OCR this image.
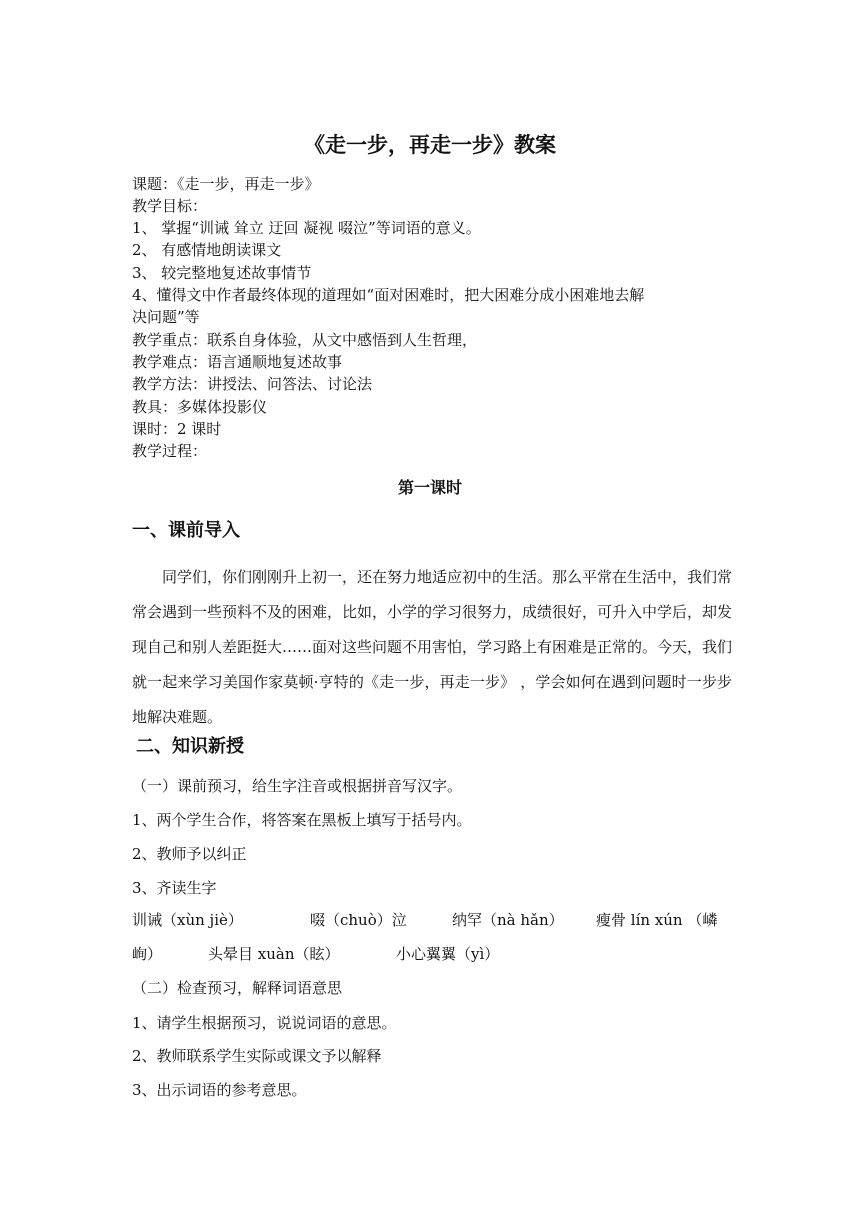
《走一步，再走一步》教案
课题：《走一步，再走一步》
教学目标：
1、 掌握“训诫 耸立 迂回 凝视 啜泣”等词语的意义。
2、 有感情地朗读课文
3、 较完整地复述故事情节
4、懂得文中作者最终体现的道理如“面对困难时，把大困难分成小困难地去解
决问题”等
教学重点：联系自身体验，从文中感悟到人生哲理，
教学难点：语言通顺地复述故事
教学方法：讲授法、问答法、讨论法
教具：多媒体投影仪
课时：2 课时
教学过程：
第一课时
一、课前导入

同学们，你们刚刚升上初一，还在努力地适应初中的生活。那么平常在生活中，我们常常会遇到一些预料不及的困难，比如，小学的学习很努力，成绩很好，可升入中学后，却发现自己和别人差距挺大……面对这些问题不用害怕，学习路上有困难是正常的。今天，我们就一起来学习美国作家莫顿·亨特的《走一步，再走一步》 ，学会如何在遇到问题时一步步地解决难题。

二、知识新授
（一）课前预习，给生字注音或根据拼音写汉字。
1、两个学生合作，将答案在黑板上填写于括号内。
2、教师予以纠正
3、齐读生字
训诫（xùn jiè）	啜（chuò）泣	纳罕（nà hǎn） 瘦骨 lín xún （嶙
峋）	头晕目 xuàn（眩）	小心翼翼（yì）
（二）检查预习，解释词语意思
1、请学生根据预习，说说词语的意思。
2、教师联系学生实际或课文予以解释
3、出示词语的参考意思。
